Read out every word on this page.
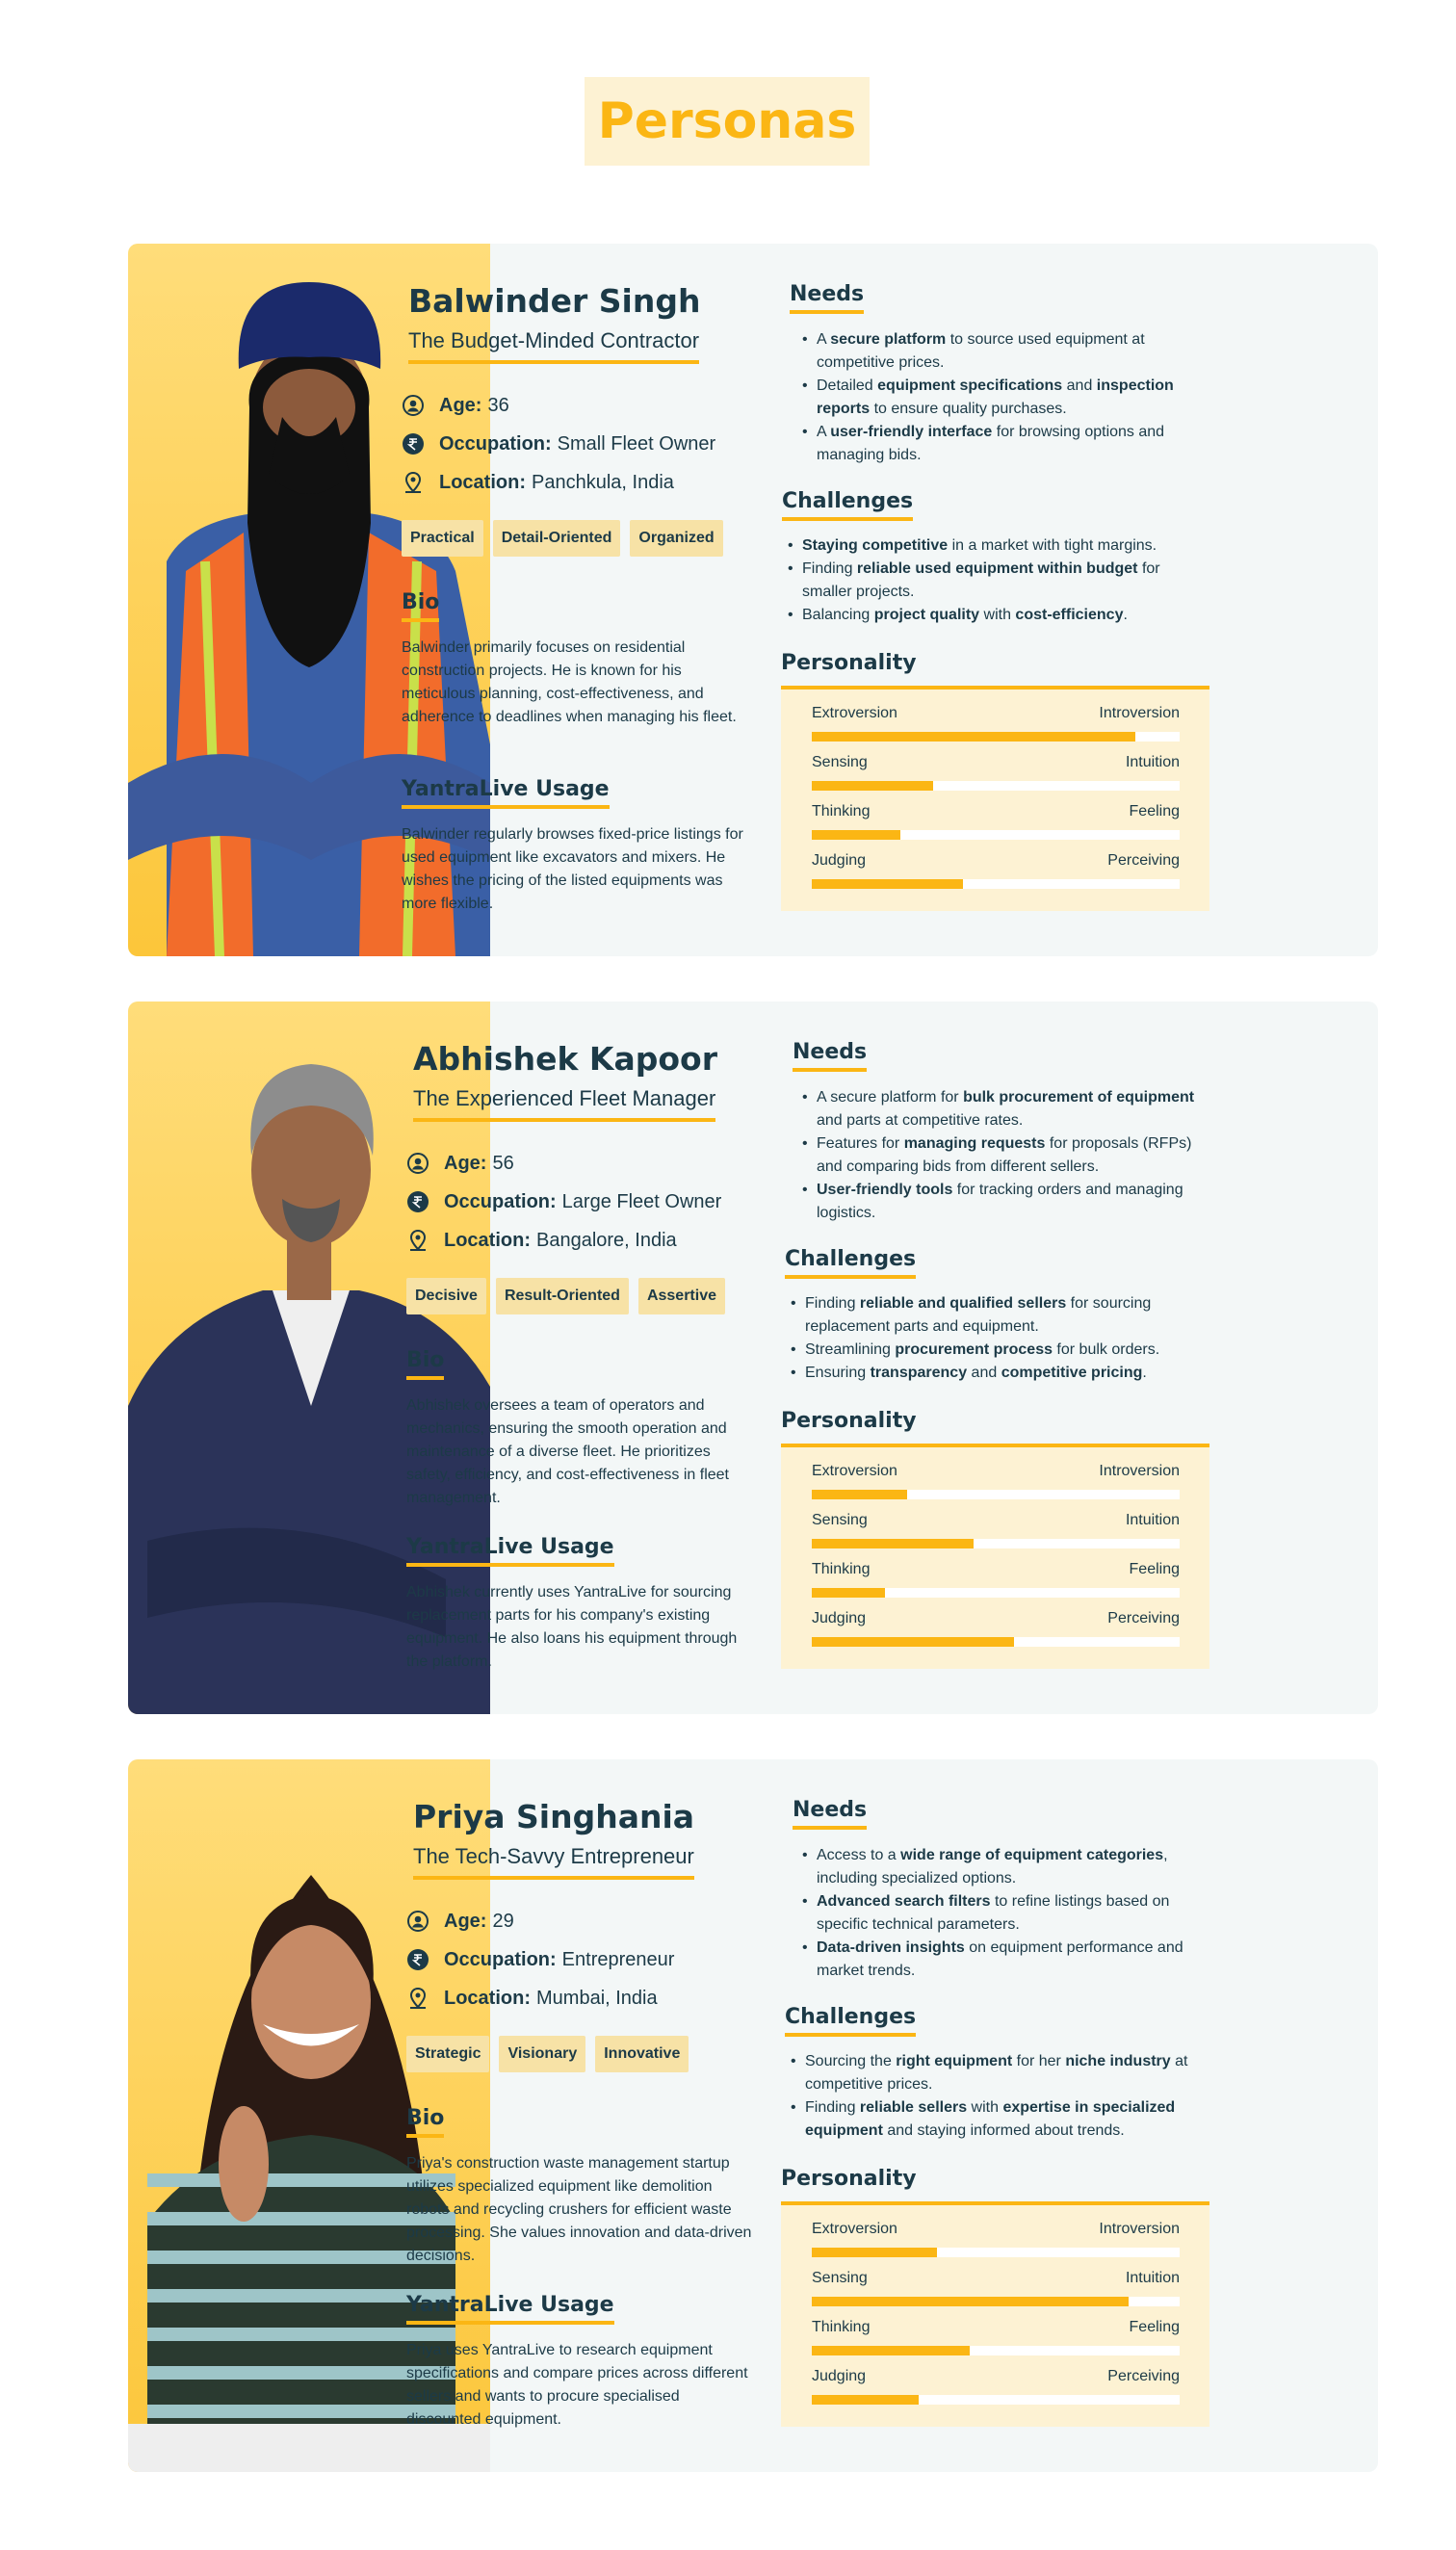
Personas
Balwinder Singh
The Budget-Minded Contractor
Age: 36
Occupation: Small Fleet Owner
Location: Panchkula, India
Practical	Detail-Oriented	Organized
Bio
Balwinder primarily focuses on residential construction projects. He is known for his meticulous planning, cost-effectiveness, and adherence to deadlines when managing his fleet.
YantraLive Usage
Balwinder regularly browses fixed-price listings for used equipment like excavators and mixers. He wishes the pricing of the listed equipments was more flexible.
Needs
• A secure platform to source used equipment at competitive prices.
• Detailed equipment specifications and inspection reports to ensure quality purchases.
• A user-friendly interface for browsing options and managing bids.
Challenges
• Staying competitive in a market with tight margins.
• Finding reliable used equipment within budget for smaller projects.
• Balancing project quality with cost-efficiency.
Personality
Extroversion	Introversion
Sensing	Intuition
Thinking	Feeling
Judging	Perceiving
Abhishek Kapoor
The Experienced Fleet Manager
Age: 56
Occupation: Large Fleet Owner
Location: Bangalore, India
Decisive	Result-Oriented	Assertive
Bio
Abhishek oversees a team of operators and mechanics, ensuring the smooth operation and maintenance of a diverse fleet. He prioritizes safety, efficiency, and cost-effectiveness in fleet management.
YantraLive Usage
Abhishek currently uses YantraLive for sourcing replacement parts for his company's existing equipment. He also loans his equipment through the platform.
Needs
• A secure platform for bulk procurement of equipment and parts at competitive rates.
• Features for managing requests for proposals (RFPs) and comparing bids from different sellers.
• User-friendly tools for tracking orders and managing logistics.
Challenges
• Finding reliable and qualified sellers for sourcing replacement parts and equipment.
• Streamlining procurement process for bulk orders.
• Ensuring transparency and competitive pricing.
Personality
Extroversion	Introversion
Sensing	Intuition
Thinking	Feeling
Judging	Perceiving
Priya Singhania
The Tech-Savvy Entrepreneur
Age: 29
Occupation: Entrepreneur
Location: Mumbai, India
Strategic	Visionary	Innovative
Bio
Priya's construction waste management startup utilizes specialized equipment like demolition robots and recycling crushers for efficient waste processing. She values innovation and data-driven decisions.
YantraLive Usage
Priya uses YantraLive to research equipment specifications and compare prices across different sellers and wants to procure specialised discounted equipment.
Needs
• Access to a wide range of equipment categories, including specialized options.
• Advanced search filters to refine listings based on specific technical parameters.
• Data-driven insights on equipment performance and market trends.
Challenges
• Sourcing the right equipment for her niche industry at competitive prices.
• Finding reliable sellers with expertise in specialized equipment and staying informed about trends.
Personality
Extroversion	Introversion
Sensing	Intuition
Thinking	Feeling
Judging	Perceiving
